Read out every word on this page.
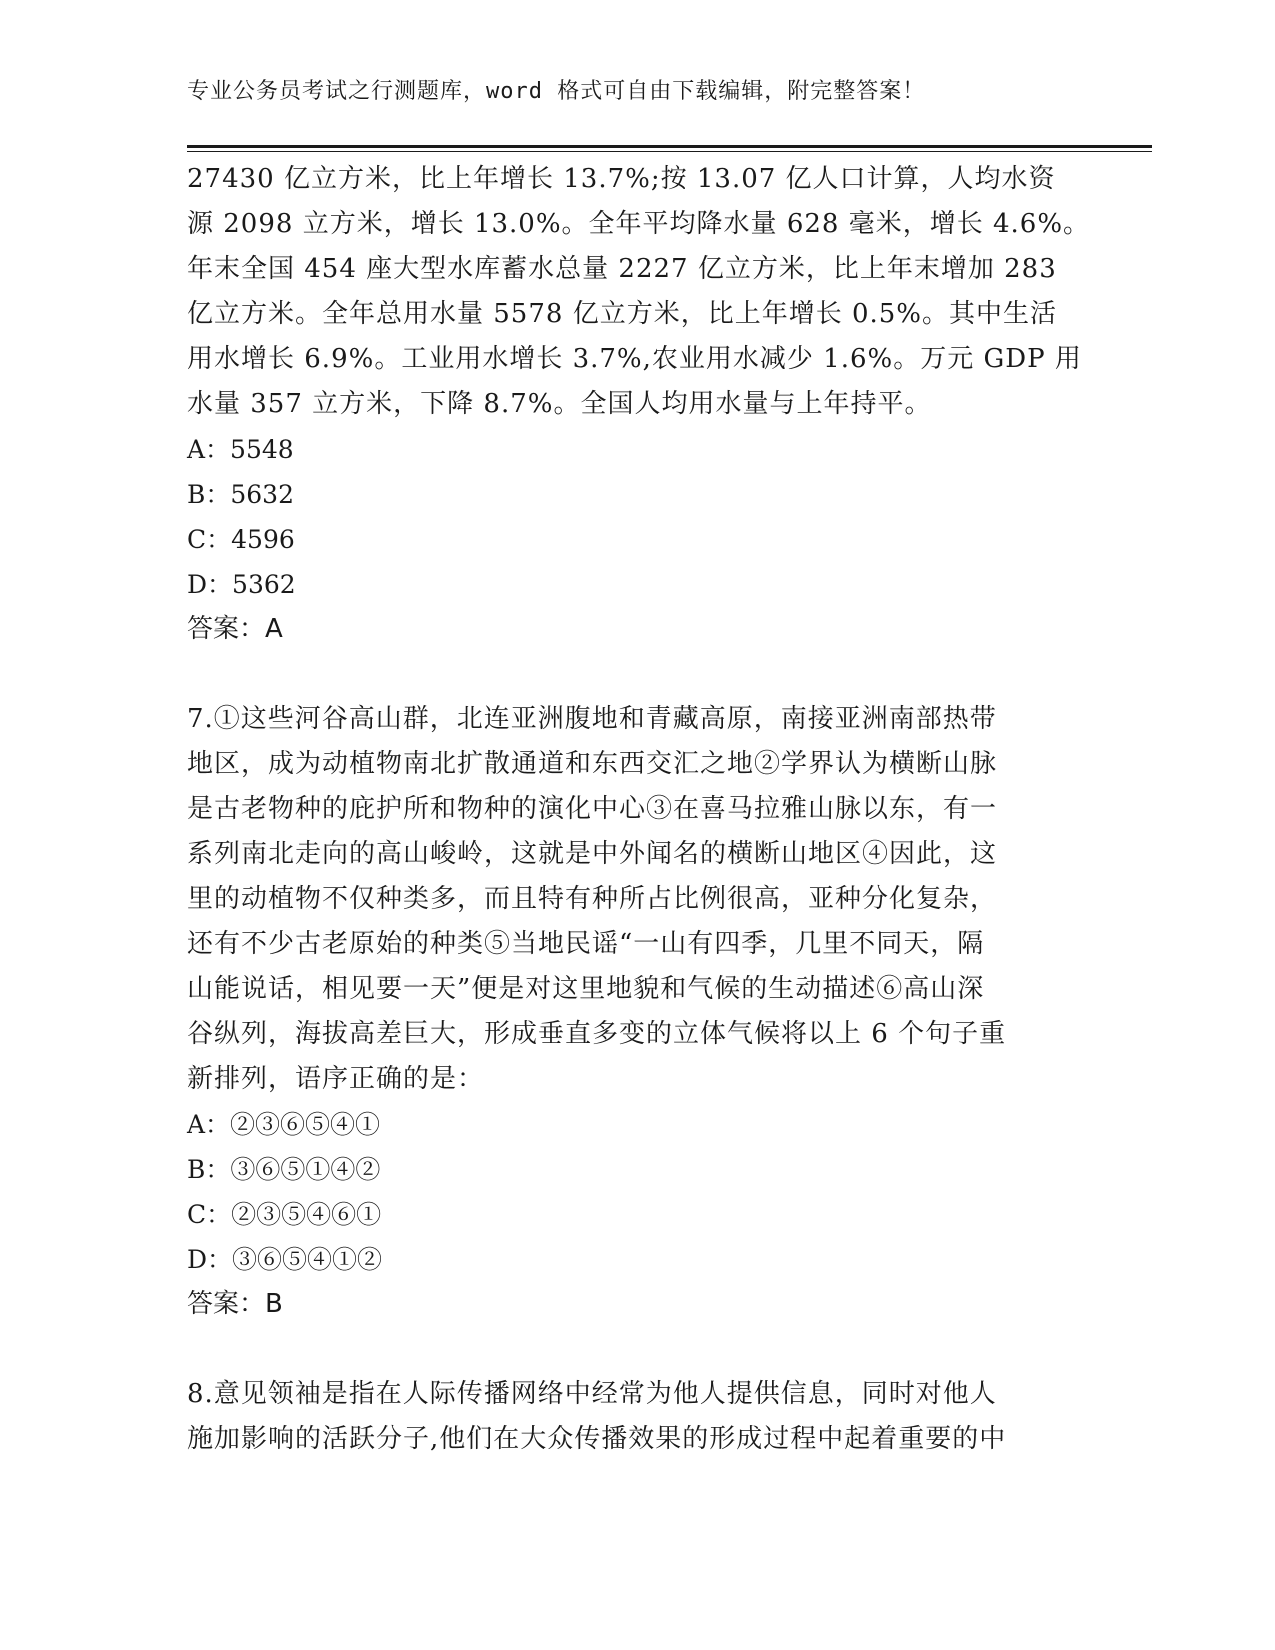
专业公务员考试之行测题库，word 格式可自由下载编辑，附完整答案！
27430 亿立方米，比上年增长 13.7%;按 13.07 亿人口计算，人均水资
源 2098 立方米，增长 13.0%。全年平均降水量 628 毫米，增长 4.6%。
年末全国 454 座大型水库蓄水总量 2227 亿立方米，比上年末增加 283
亿立方米。全年总用水量 5578 亿立方米，比上年增长 0.5%。其中生活
用水增长 6.9%。工业用水增长 3.7%,农业用水减少 1.6%。万元 GDP 用
水量 357 立方米，下降 8.7%。全国人均用水量与上年持平。
A：5548
B：5632
C：4596
D：5362
答案：A
7.①这些河谷高山群，北连亚洲腹地和青藏高原，南接亚洲南部热带
地区，成为动植物南北扩散通道和东西交汇之地②学界认为横断山脉
是古老物种的庇护所和物种的演化中心③在喜马拉雅山脉以东，有一
系列南北走向的高山峻岭，这就是中外闻名的横断山地区④因此，这
里的动植物不仅种类多，而且特有种所占比例很高，亚种分化复杂，
还有不少古老原始的种类⑤当地民谣“一山有四季，几里不同天，隔
山能说话，相见要一天”便是对这里地貌和气候的生动描述⑥高山深
谷纵列，海拔高差巨大，形成垂直多变的立体气候将以上 6 个句子重
新排列，语序正确的是：
A：②③⑥⑤④①
B：③⑥⑤①④②
C：②③⑤④⑥①
D：③⑥⑤④①②
答案：B
8.意见领袖是指在人际传播网络中经常为他人提供信息，同时对他人
施加影响的活跃分子,他们在大众传播效果的形成过程中起着重要的中
